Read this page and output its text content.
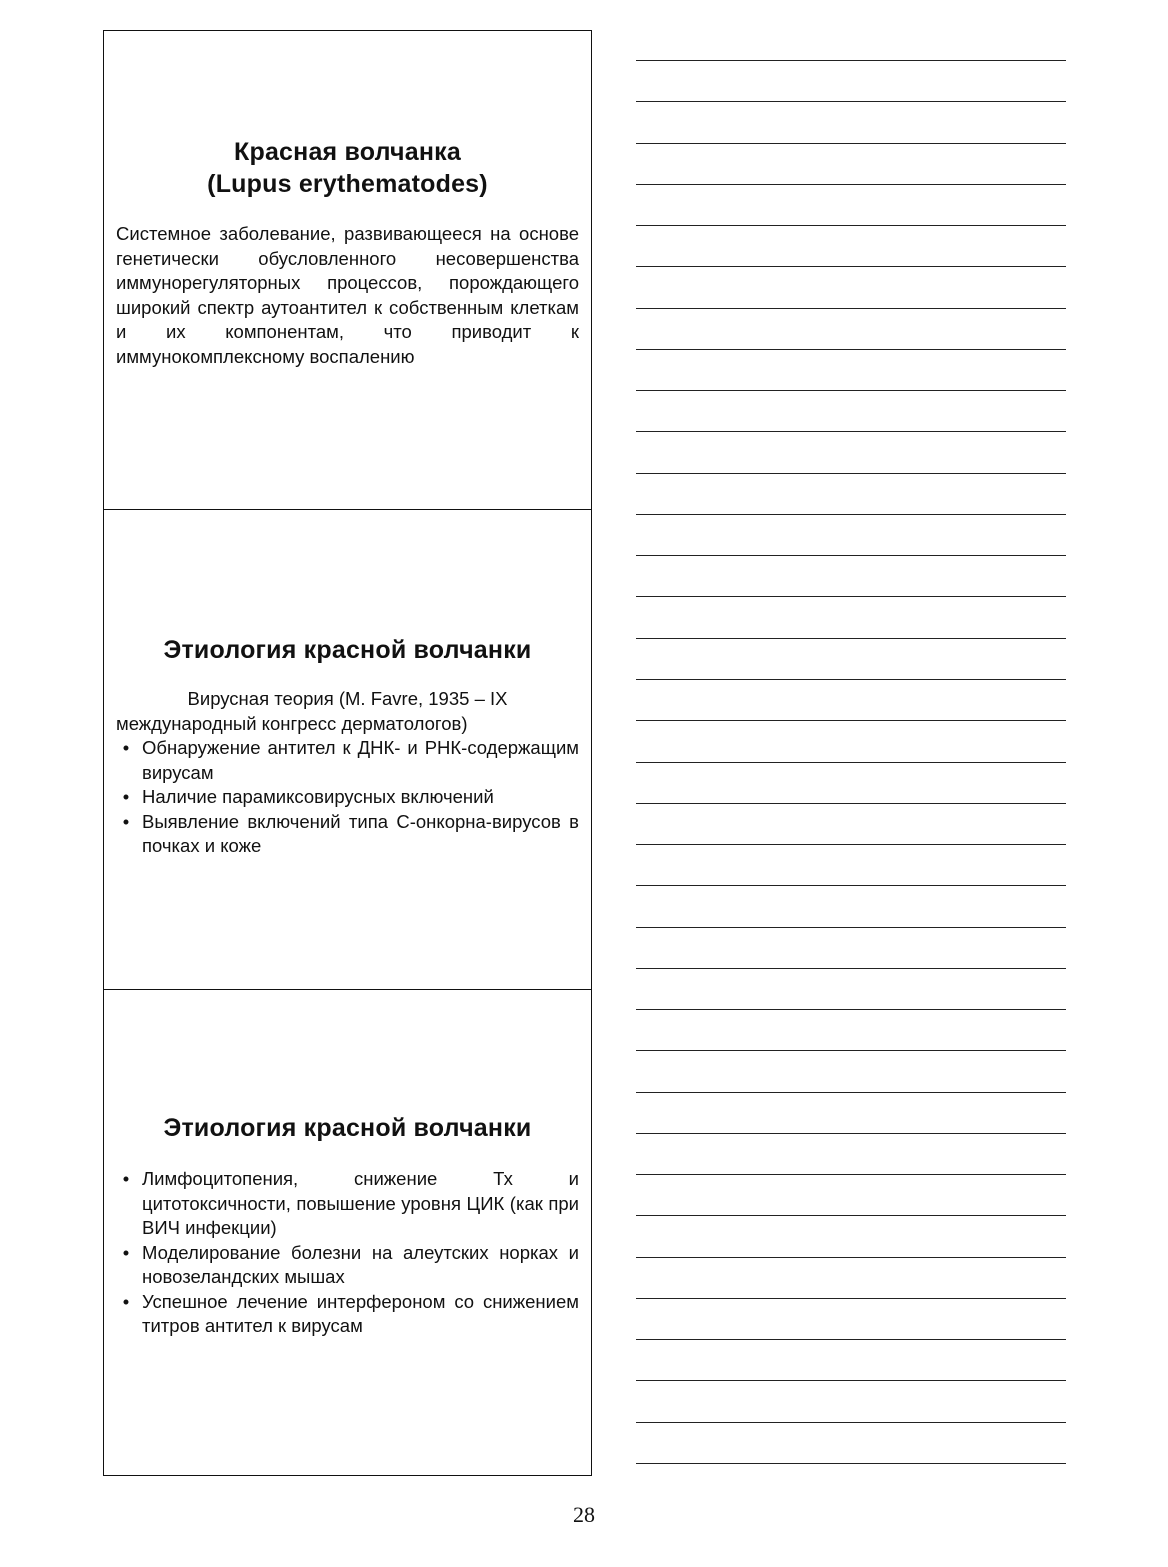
Красная волчанка
(Lupus erythematodes)

Системное заболевание, развивающееся на основе генетически обусловленного несовершенства иммунорегуляторных процессов, порождающего широкий спектр аутоантител к собственным клеткам и их компонентам, что приводит к иммунокомплексному воспалению

Этиология красной волчанки
Вирусная теория (M. Favre, 1935 – IX
международный конгресс дерматологов)
• Обнаружение антител к ДНК- и РНК-содержащим вирусам
• Наличие парамиксовирусных включений
• Выявление включений типа С-онкорна-вирусов в почках и коже
Этиология красной волчанки
• Лимфоцитопения, снижение Тх и цитотоксичности, повышение уровня ЦИК (как при ВИЧ инфекции)
• Моделирование болезни на алеутских норках и новозеландских мышах
• Успешное лечение интерфероном со снижением титров антител к вирусам
28
